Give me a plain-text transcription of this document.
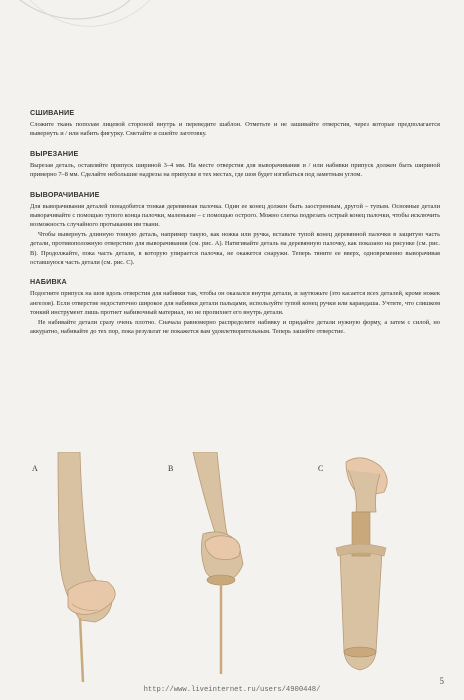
СШИВАНИЕ

Сложите ткань пополам лицевой стороной внутрь и переведите шаблон. Отметьте и не зашивайте отверстия, через которые предполагается вывернуть и / или набить фигурку. Сметайте и сшейте заготовку.

ВЫРЕЗАНИЕ

Вырезая деталь, оставляйте припуск шириной 3–4 мм. На месте отверстия для выворачивания и / или набивки припуск должен быть шириной примерно 7–8 мм. Сделайте небольшие надрезы на припуске в тех местах, где шов будет изгибаться под заметным углом.

ВЫВОРАЧИВАНИЕ

Для выворачивания деталей понадобится тонкая деревянная палочка. Один ее конец должен быть заостренным, другой – тупым. Основные детали выворачивайте с помощью тупого конца палочки, маленькие – с помощью острого. Можно слегка подрезать острый конец палочки, чтобы исключить возможность случайного протыкания им ткани.

Чтобы вывернуть длинную тонкую деталь, например такую, как ножка или ручка, вставьте тупой конец деревянной палочки в защитую часть детали, противоположную отверстию для выворачивания (см. рис. А). Натягивайте деталь на деревянную палочку, как показано на рисунке (см. рис. В). Продолжайте, пока часть детали, в которую упирается палочка, не окажется снаружи. Теперь тяните ее вверх, одновременно выворачивая оставшуюся часть детали (см. рис. С).

НАБИВКА

Подогните припуск на шов вдоль отверстия для набивки так, чтобы он оказался внутри детали, и заутюжьте (это касается всех деталей, кроме ножек ангелов). Если отверстие недостаточно широкое для набивки детали пальцами, используйте тупой конец ручки или карандаша. Учтите, что слишком тонкий инструмент лишь протнет набивочный материал, но не пропихнет его внутрь детали.

Не набивайте детали сразу очень плотно. Сначала равномерно распределите набивку и придайте детали нужную форму, а затем с силой, но аккуратно, набивайте до тех пор, пока результат не покажется вам удовлетворительным. Теперь зашейте отверстие.

А	В	С
5
http://www.liveinternet.ru/users/4900448/
